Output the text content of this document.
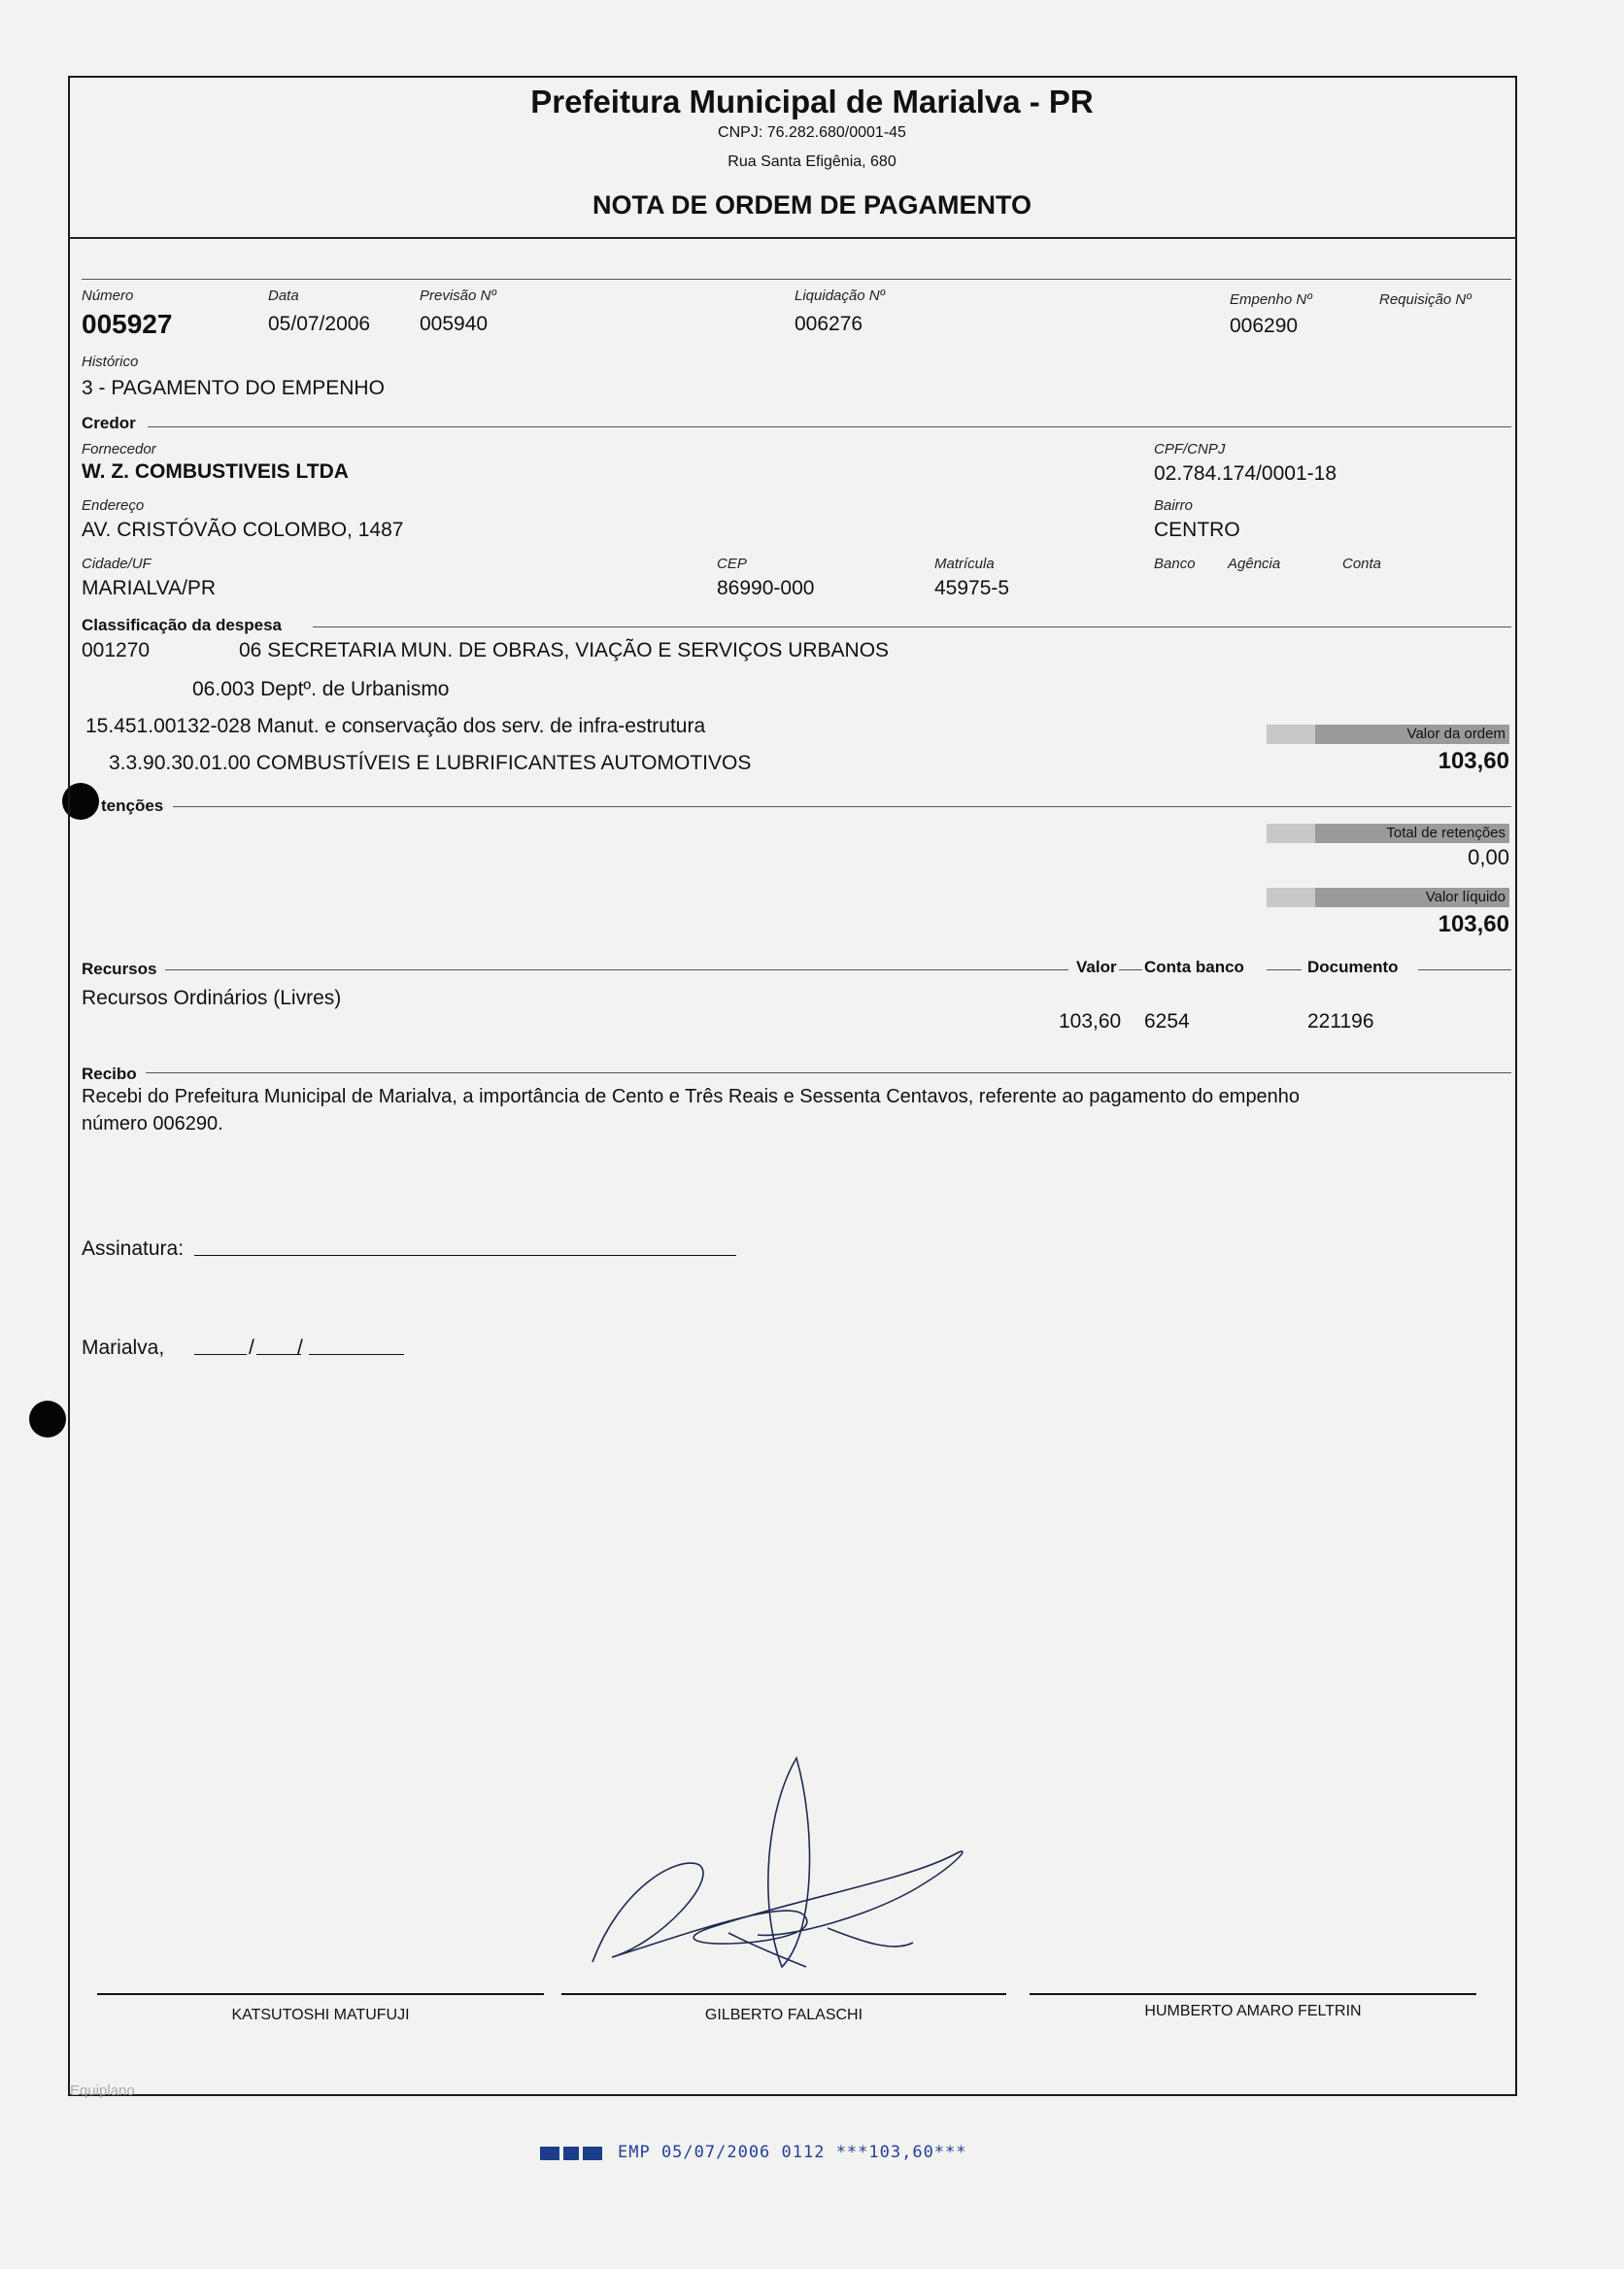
Prefeitura Municipal de Marialva - PR
CNPJ: 76.282.680/0001-45
Rua Santa Efigênia, 680
NOTA DE ORDEM DE PAGAMENTO
Número
005927
Data
05/07/2006
Previsão Nº
005940
Liquidação Nº
006276
Empenho Nº
006290
Requisição Nº
Histórico
3 - PAGAMENTO DO EMPENHO
Credor
Fornecedor
W. Z. COMBUSTIVEIS LTDA
CPF/CNPJ
02.784.174/0001-18
Endereço
AV. CRISTÓVÃO COLOMBO, 1487
Bairro
CENTRO
Cidade/UF
MARIALVA/PR
CEP
86990-000
Matrícula
45975-5
Banco Agência	Conta
Classificação da despesa
001270	06 SECRETARIA MUN. DE OBRAS, VIAÇÃO E SERVIÇOS URBANOS
06.003 Deptº. de Urbanismo
15.451.00132-028 Manut. e conservação dos serv. de infra-estrutura
3.3.90.30.01.00 COMBUSTÍVEIS E LUBRIFICANTES AUTOMOTIVOS
Valor da ordem
103,60
tenções
Total de retenções
0,00
Valor líquido
103,60
Recursos	Valor Conta banco	Documento
Recursos Ordinários (Livres)
103,60 6254	221196
Recibo
Recebi do Prefeitura Municipal de Marialva, a importância de Cento e Três Reais e Sessenta Centavos, referente ao pagamento do empenho
número 006290.
Assinatura:
Marialva,	/ /
KATSUTOSHI MATUFUJI	GILBERTO FALASCHI	HUMBERTO AMARO FELTRIN
Equiplano
EMP 05/07/2006 0112 ***103,60***
